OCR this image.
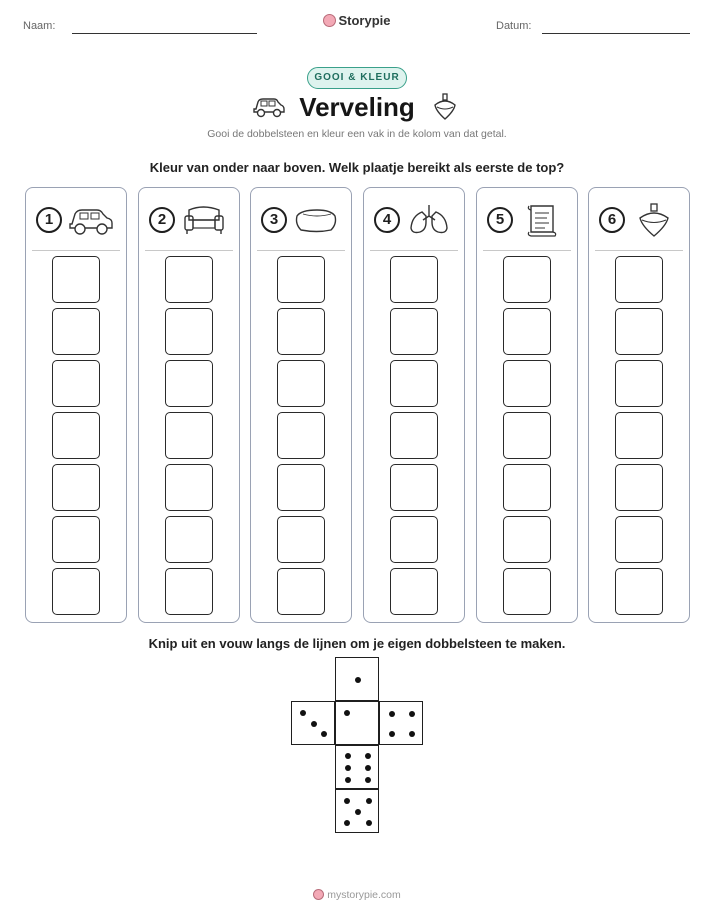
Naam:	Storypie	Datum:
GOOI & KLEUR
Verveling
Gooi de dobbelsteen en kleur een vak in de kolom van dat getal.
Kleur van onder naar boven. Welk plaatje bereikt als eerste de top?
1	2	3	4	5	6
Knip uit en vouw langs de lijnen om je eigen dobbelsteen te maken.
mystorypie.com
